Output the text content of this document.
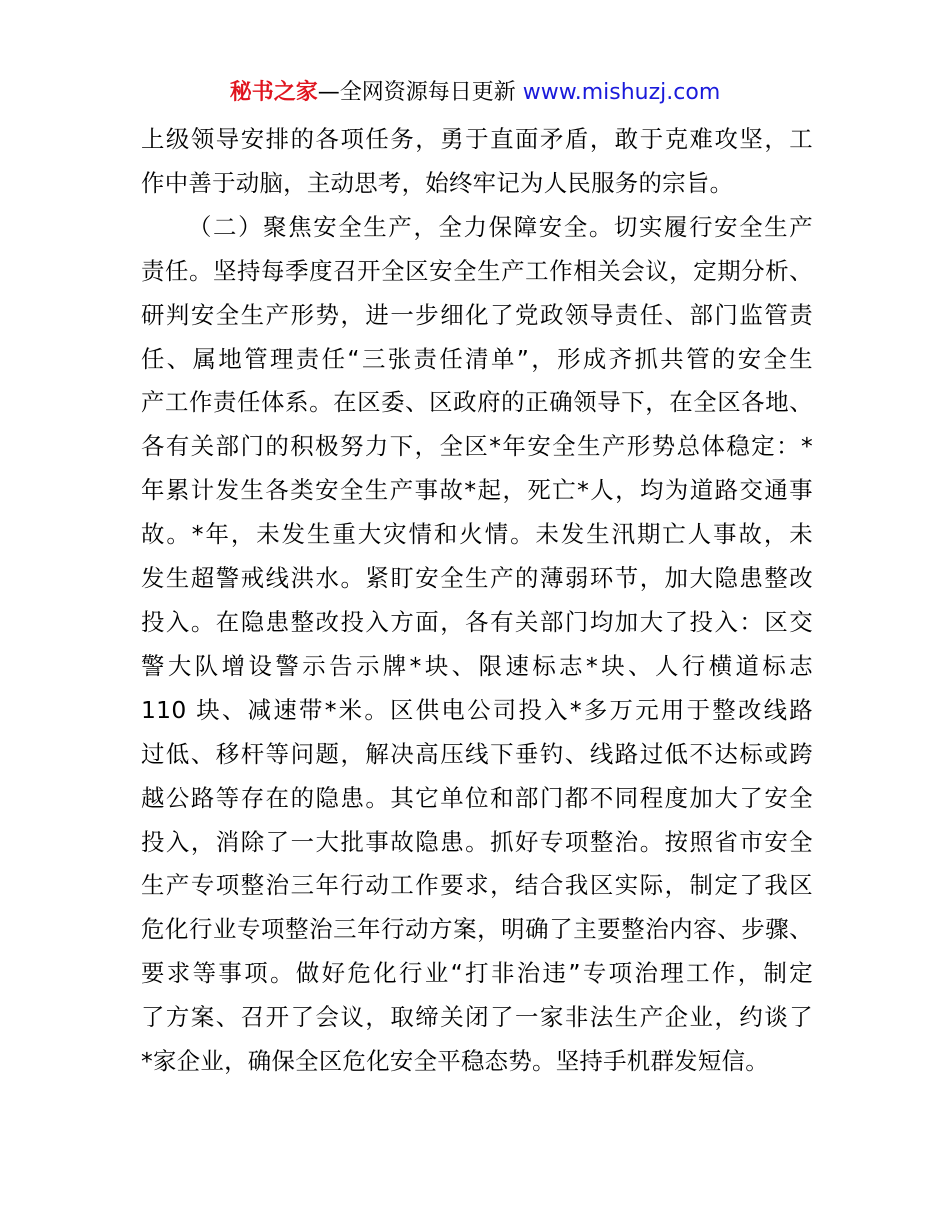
秘书之家—全网资源每日更新 www.mishuzj.com
上级领导安排的各项任务，勇于直面矛盾，敢于克难攻坚，工
作中善于动脑，主动思考，始终牢记为人民服务的宗旨。
（二）聚焦安全生产，全力保障安全。切实履行安全生产
责任。坚持每季度召开全区安全生产工作相关会议，定期分析、
研判安全生产形势，进一步细化了党政领导责任、部门监管责
任、属地管理责任“三张责任清单”，形成齐抓共管的安全生
产工作责任体系。在区委、区政府的正确领导下，在全区各地、
各有关部门的积极努力下，全区*年安全生产形势总体稳定：*
年累计发生各类安全生产事故*起，死亡*人，均为道路交通事
故。*年，未发生重大灾情和火情。未发生汛期亡人事故，未
发生超警戒线洪水。紧盯安全生产的薄弱环节，加大隐患整改
投入。在隐患整改投入方面，各有关部门均加大了投入：区交
警大队增设警示告示牌*块、限速标志*块、人行横道标志
110 块、减速带*米。区供电公司投入*多万元用于整改线路
过低、移杆等问题，解决高压线下垂钓、线路过低不达标或跨
越公路等存在的隐患。其它单位和部门都不同程度加大了安全
投入，消除了一大批事故隐患。抓好专项整治。按照省市安全
生产专项整治三年行动工作要求，结合我区实际，制定了我区
危化行业专项整治三年行动方案，明确了主要整治内容、步骤、
要求等事项。做好危化行业“打非治违”专项治理工作，制定
了方案、召开了会议，取缔关闭了一家非法生产企业，约谈了
*家企业，确保全区危化安全平稳态势。坚持手机群发短信。
